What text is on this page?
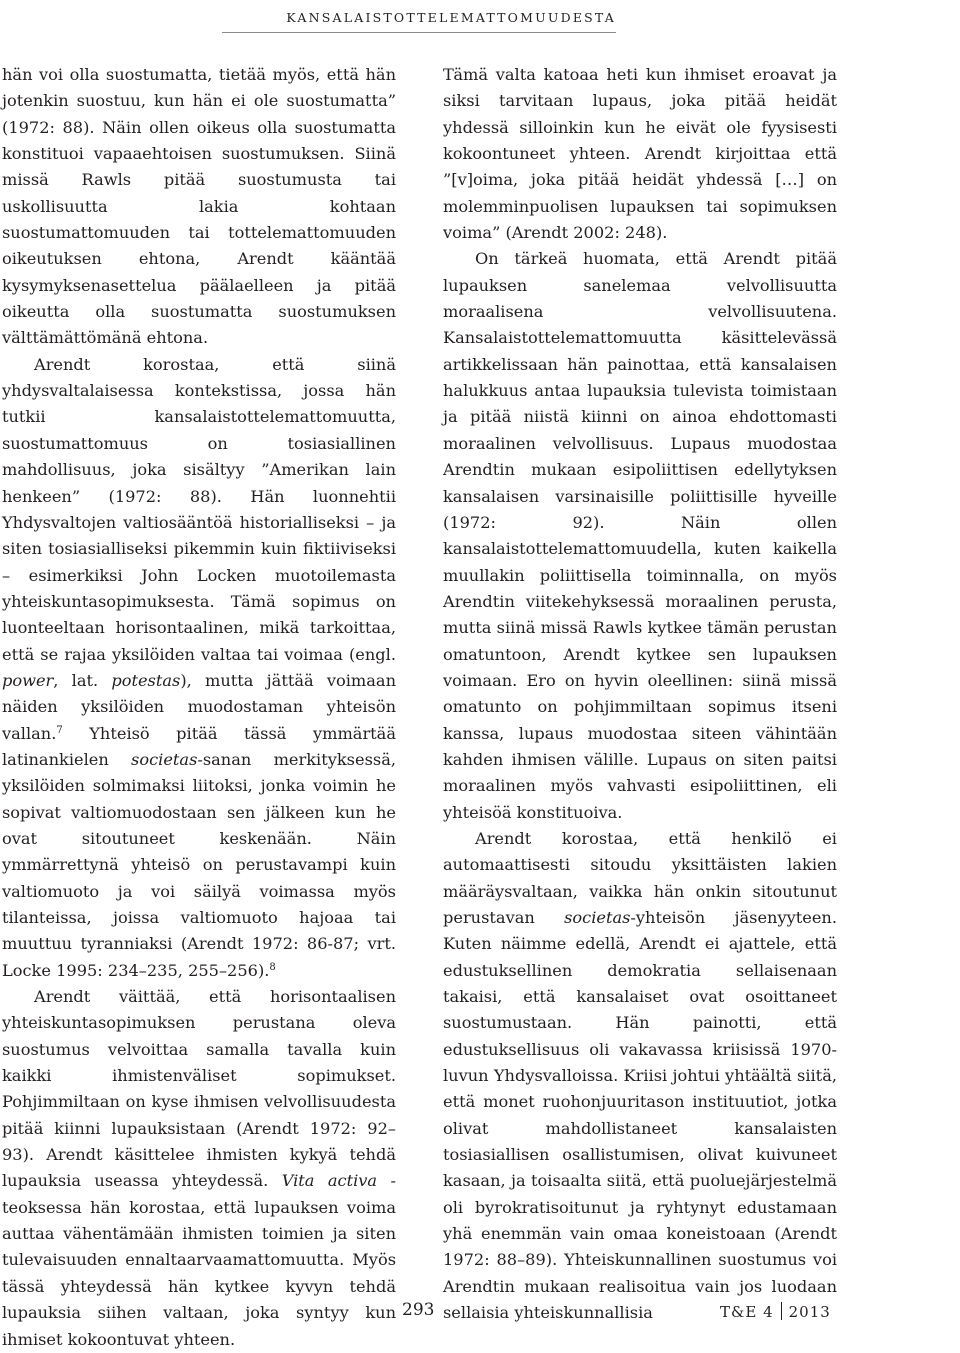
KANSALAISTOTTELEMATTOMUUDESTA

hän voi olla suostumatta, tietää myös, että hän jotenkin suostuu, kun hän ei ole suostumatta” (1972: 88). Näin ollen oikeus olla suostumatta konstituoi vapaaehtoisen suostumuksen. Siinä missä Rawls pitää suostumusta tai uskollisuutta lakia kohtaan suostumattomuuden tai tottelemattomuuden oikeutuksen ehtona, Arendt kääntää kysymyksenasettelua päälaelleen ja pitää oikeutta olla suostumatta suostumuksen välttämättömänä ehtona.

Arendt korostaa, että siinä yhdysvaltalaisessa kontekstissa, jossa hän tutkii kansalaistottelemattomuutta, suostumattomuus on tosiasiallinen mahdollisuus, joka sisältyy ”Amerikan lain henkeen” (1972: 88). Hän luonnehtii Yhdysvaltojen valtiosääntöä historialliseksi – ja siten tosiasialliseksi pikemmin kuin fiktiiviseksi – esimerkiksi John Locken muotoilemasta yhteiskuntasopimuksesta. Tämä sopimus on luonteeltaan horisontaalinen, mikä tarkoittaa, että se rajaa yksilöiden valtaa tai voimaa (engl. power, lat. potestas), mutta jättää voimaan näiden yksilöiden muodostaman yhteisön vallan.$^7$ Yhteisö pitää tässä ymmärtää latinankielen societas-sanan merkityksessä, yksilöiden solmimaksi liitoksi, jonka voimin he sopivat valtiomuodostaan sen jälkeen kun he ovat sitoutuneet keskenään. Näin ymmärrettynä yhteisö on perustavampi kuin valtiomuoto ja voi säilyä voimassa myös tilanteissa, joissa valtiomuoto hajoaa tai muuttuu tyranniaksi (Arendt 1972: 86-87; vrt. Locke 1995: 234–235, 255–256).$^8$

Arendt väittää, että horisontaalisen yhteiskuntasopimuksen perustana oleva suostumus velvoittaa samalla tavalla kuin kaikki ihmistenväliset sopimukset. Pohjimmiltaan on kyse ihmisen velvollisuudesta pitää kiinni lupauksistaan (Arendt 1972: 92–93). Arendt käsittelee ihmisten kykyä tehdä lupauksia useassa yhteydessä. Vita activa -teoksessa hän korostaa, että lupauksen voima auttaa vähentämään ihmisten toimien ja siten tulevaisuuden ennaltaarvaamattomuutta. Myös tässä yhteydessä hän kytkee kyvyn tehdä lupauksia siihen valtaan, joka syntyy kun ihmiset kokoontuvat yhteen.

Tämä valta katoaa heti kun ihmiset eroavat ja siksi tarvitaan lupaus, joka pitää heidät yhdessä silloinkin kun he eivät ole fyysisesti kokoontuneet yhteen. Arendt kirjoittaa että ”[v]oima, joka pitää heidät yhdessä […] on molemminpuolisen lupauksen tai sopimuksen voima” (Arendt 2002: 248).

On tärkeä huomata, että Arendt pitää lupauksen sanelemaa velvollisuutta moraalisena velvollisuutena. Kansalaistottelemattomuutta käsittelevässä artikkelissaan hän painottaa, että kansalaisen halukkuus antaa lupauksia tulevista toimistaan ja pitää niistä kiinni on ainoa ehdottomasti moraalinen velvollisuus. Lupaus muodostaa Arendtin mukaan esipoliittisen edellytyksen kansalaisen varsinaisille poliittisille hyveille (1972: 92). Näin ollen kansalaistottelemattomuudella, kuten kaikella muullakin poliittisella toiminnalla, on myös Arendtin viitekehyksessä moraalinen perusta, mutta siinä missä Rawls kytkee tämän perustan omatuntoon, Arendt kytkee sen lupauksen voimaan. Ero on hyvin oleellinen: siinä missä omatunto on pohjimmiltaan sopimus itseni kanssa, lupaus muodostaa siteen vähintään kahden ihmisen välille. Lupaus on siten paitsi moraalinen myös vahvasti esipoliittinen, eli yhteisöä konstituoiva.

Arendt korostaa, että henkilö ei automaattisesti sitoudu yksittäisten lakien määräysvaltaan, vaikka hän onkin sitoutunut perustavan societas-yhteisön jäsenyyteen. Kuten näimme edellä, Arendt ei ajattele, että edustuksellinen demokratia sellaisenaan takaisi, että kansalaiset ovat osoittaneet suostumustaan. Hän painotti, että edustuksellisuus oli vakavassa kriisissä 1970-luvun Yhdysvalloissa. Kriisi johtui yhtäältä siitä, että monet ruohonjuuritason instituutiot, jotka olivat mahdollistaneet kansalaisten tosiasiallisen osallistumisen, olivat kuivuneet kasaan, ja toisaalta siitä, että puoluejärjestelmä oli byrokratisoitunut ja ryhtynyt edustamaan yhä enemmän vain omaa koneistoaan (Arendt 1972: 88–89). Yhteiskunnallinen suostumus voi Arendtin mukaan realisoitua vain jos luodaan sellaisia yhteiskunnallisia

293	T&E 4 2013
